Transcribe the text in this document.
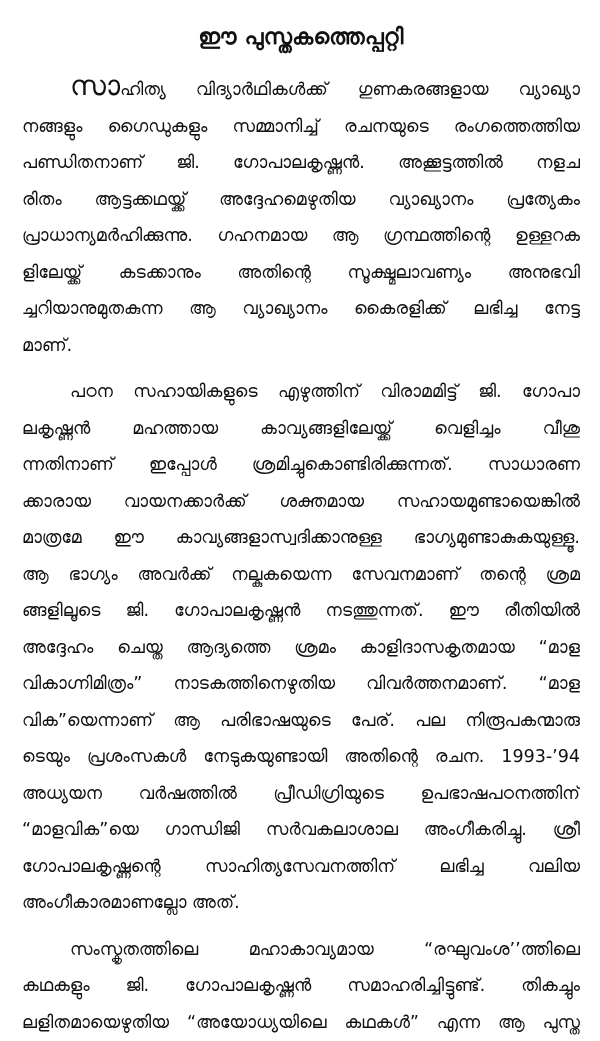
ഈ പുസ്തകത്തെപ്പറ്റി
സാഹിത്യ വിദ്യാർഥികൾക്ക് ഗുണകരങ്ങളായ വ്യാഖ്യാ
നങ്ങളും ഗൈഡുകളും സമ്മാനിച്ച് രചനയുടെ രംഗത്തെത്തിയ
പണ്ഡിതനാണ് ജി. ഗോപാലകൃഷ്ണൻ. അക്കൂട്ടത്തിൽ നളച
രിതം ആട്ടക്കഥയ്ക്ക് അദ്ദേഹമെഴുതിയ വ്യാഖ്യാനം പ്രത്യേകം
പ്രാധാന്യമർഹിക്കുന്നു. ഗഹനമായ ആ ഗ്രന്ഥത്തിന്റെ ഉള്ളറക
ളിലേയ്ക്ക് കടക്കാനും അതിന്റെ സൂക്ഷ്മലാവണ്യം അനുഭവി
ച്ചറിയാനുമുതകുന്ന ആ വ്യാഖ്യാനം കൈരളിക്ക് ലഭിച്ച നേട്ട
മാണ്.
പഠന സഹായികളുടെ എഴുത്തിന് വിരാമമിട്ട് ജി. ഗോപാ
ലകൃഷ്ണൻ മഹത്തായ കാവ്യങ്ങളിലേയ്ക്ക് വെളിച്ചം വീശു
ന്നതിനാണ് ഇപ്പോൾ ശ്രമിച്ചുകൊണ്ടിരിക്കുന്നത്. സാധാരണ
ക്കാരായ വായനക്കാർക്ക് ശക്തമായ സഹായമുണ്ടായെങ്കിൽ
മാത്രമേ ഈ കാവ്യങ്ങളാസ്വദിക്കാനുള്ള ഭാഗ്യമുണ്ടാകുകയുള്ളൂ.
ആ ഭാഗ്യം അവർക്ക് നല്കുകയെന്ന സേവനമാണ് തന്റെ ശ്രമ
ങ്ങളിലൂടെ ജി. ഗോപാലകൃഷ്ണൻ നടത്തുന്നത്. ഈ രീതിയിൽ
അദ്ദേഹം ചെയ്ത ആദ്യത്തെ ശ്രമം കാളിദാസകൃതമായ “മാള
വികാഗ്നിമിത്രം” നാടകത്തിനെഴുതിയ വിവർത്തനമാണ്. “മാള
വിക”യെന്നാണ് ആ പരിഭാഷയുടെ പേര്. പല നിരൂപകന്മാരു
ടെയും പ്രശംസകൾ നേടുകയുണ്ടായി അതിന്റെ രചന. 1993-’94
അധ്യയന വർഷത്തിൽ പ്രീഡിഗ്രിയുടെ ഉപഭാഷപഠനത്തിന്
“മാളവിക”യെ ഗാന്ധിജി സർവകലാശാല അംഗീകരിച്ചു. ശ്രീ
ഗോപാലകൃഷ്ണന്റെ സാഹിത്യസേവനത്തിന് ലഭിച്ച വലിയ
അംഗീകാരമാണല്ലോ അത്.
സംസ്കൃതത്തിലെ മഹാകാവ്യമായ “രഘുവംശ’’ത്തിലെ
കഥകളും ജി. ഗോപാലകൃഷ്ണൻ സമാഹരിച്ചിട്ടുണ്ട്. തികച്ചും
ലളിതമായെഴുതിയ “അയോധ്യയിലെ കഥകൾ” എന്ന ആ പുസ്ത
